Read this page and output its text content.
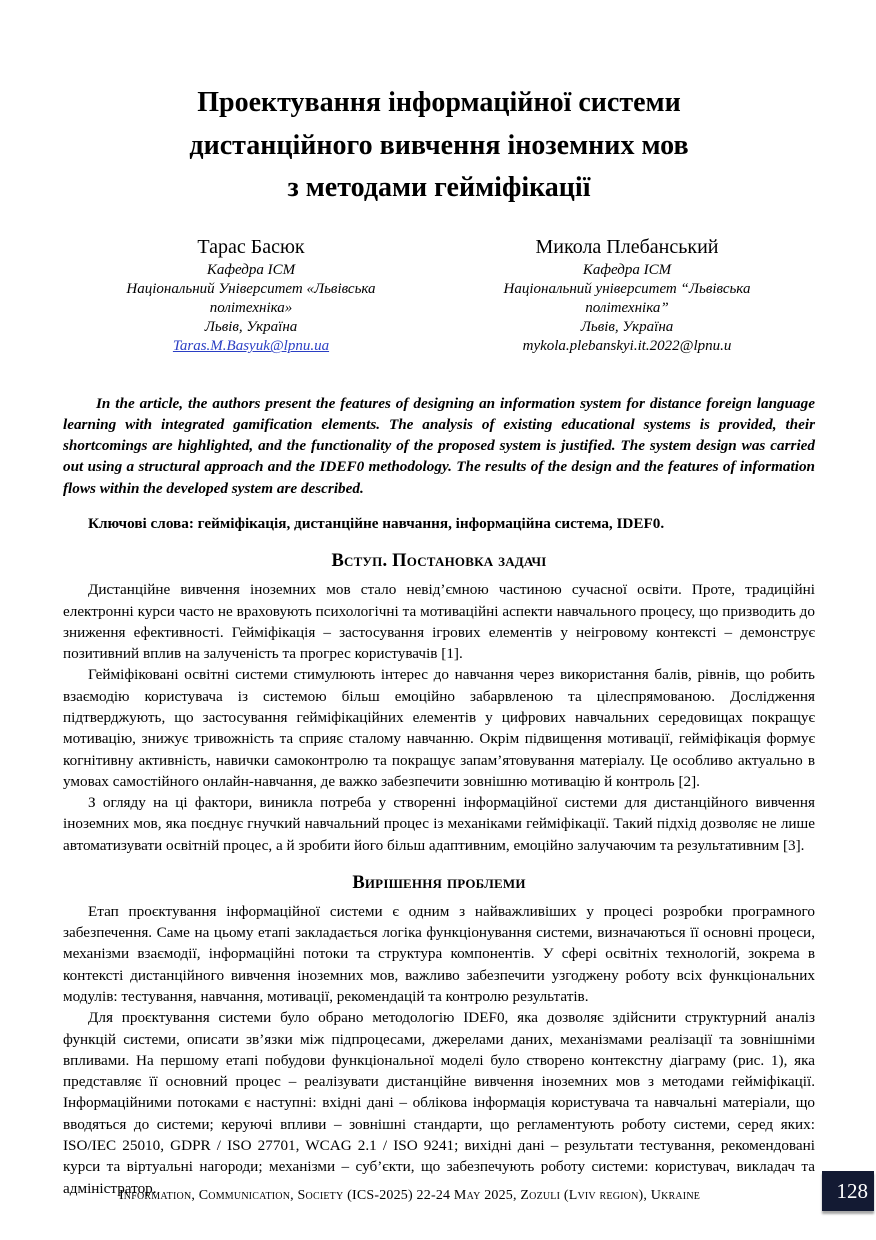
Проектування інформаційної системи
дистанційного вивчення іноземних мов
з методами гейміфікації
Тарас Басюк
Кафедра ІСМ
Національний Університет «Львівська
політехніка»
Львів, Україна
Taras.M.Basyuk@lpnu.ua
Микола Плебанський
Кафедра ІСМ
Національний університет “Львівська
політехніка”
Львів, Україна
mykola.plebanskyi.it.2022@lpnu.u

In the article, the authors present the features of designing an information system for distance foreign language learning with integrated gamification elements. The analysis of existing educational systems is provided, their shortcomings are highlighted, and the functionality of the proposed system is justified. The system design was carried out using a structural approach and the IDEF0 methodology. The results of the design and the features of information flows within the developed system are described.

Ключові слова: гейміфікація, дистанційне навчання, інформаційна система, IDEF0.

Вступ. Постановка задачі

Дистанційне вивчення іноземних мов стало невід’ємною частиною сучасної освіти. Проте, традиційні електронні курси часто не враховують психологічні та мотиваційні аспекти навчального процесу, що призводить до зниження ефективності. Гейміфікація – застосування ігрових елементів у неігровому контексті – демонструє позитивний вплив на залученість та прогрес користувачів [1].

Гейміфіковані освітні системи стимулюють інтерес до навчання через використання балів, рівнів, що робить взаємодію користувача із системою більш емоційно забарвленою та цілеспрямованою. Дослідження підтверджують, що застосування гейміфікаційних елементів у цифрових навчальних середовищах покращує мотивацію, знижує тривожність та сприяє сталому навчанню. Окрім підвищення мотивації, гейміфікація формує когнітивну активність, навички самоконтролю та покращує запам’ятовування матеріалу. Це особливо актуально в умовах самостійного онлайн-навчання, де важко забезпечити зовнішню мотивацію й контроль [2].

З огляду на ці фактори, виникла потреба у створенні інформаційної системи для дистанційного вивчення іноземних мов, яка поєднує гнучкий навчальний процес із механіками гейміфікації. Такий підхід дозволяє не лише автоматизувати освітній процес, а й зробити його більш адаптивним, емоційно залучаючим та результативним [3].

Вирішення проблеми

Етап проєктування інформаційної системи є одним з найважливіших у процесі розробки програмного забезпечення. Саме на цьому етапі закладається логіка функціонування системи, визначаються її основні процеси, механізми взаємодії, інформаційні потоки та структура компонентів. У сфері освітніх технологій, зокрема в контексті дистанційного вивчення іноземних мов, важливо забезпечити узгоджену роботу всіх функціональних модулів: тестування, навчання, мотивації, рекомендацій та контролю результатів.

Для проєктування системи було обрано методологію IDEF0, яка дозволяє здійснити структурний аналіз функцій системи, описати зв’язки між підпроцесами, джерелами даних, механізмами реалізації та зовнішніми впливами. На першому етапі побудови функціональної моделі було створено контекстну діаграму (рис. 1), яка представляє її основний процес – реалізувати дистанційне вивчення іноземних мов з методами гейміфікації. Інформаційними потоками є наступні: вхідні дані – облікова інформація користувача та навчальні матеріали, що вводяться до системи; керуючі впливи – зовнішні стандарти, що регламентують роботу системи, серед яких: ISO/IEC 25010, GDPR / ISO 27701, WCAG 2.1 / ISO 9241; вихідні дані – результати тестування, рекомендовані курси та віртуальні нагороди; механізми – суб’єкти, що забезпечують роботу системи: користувач, викладач та адміністратор.

Information, Communication, Society (ICS-2025) 22-24 May 2025, Zozuli (Lviv region), Ukraine	128
